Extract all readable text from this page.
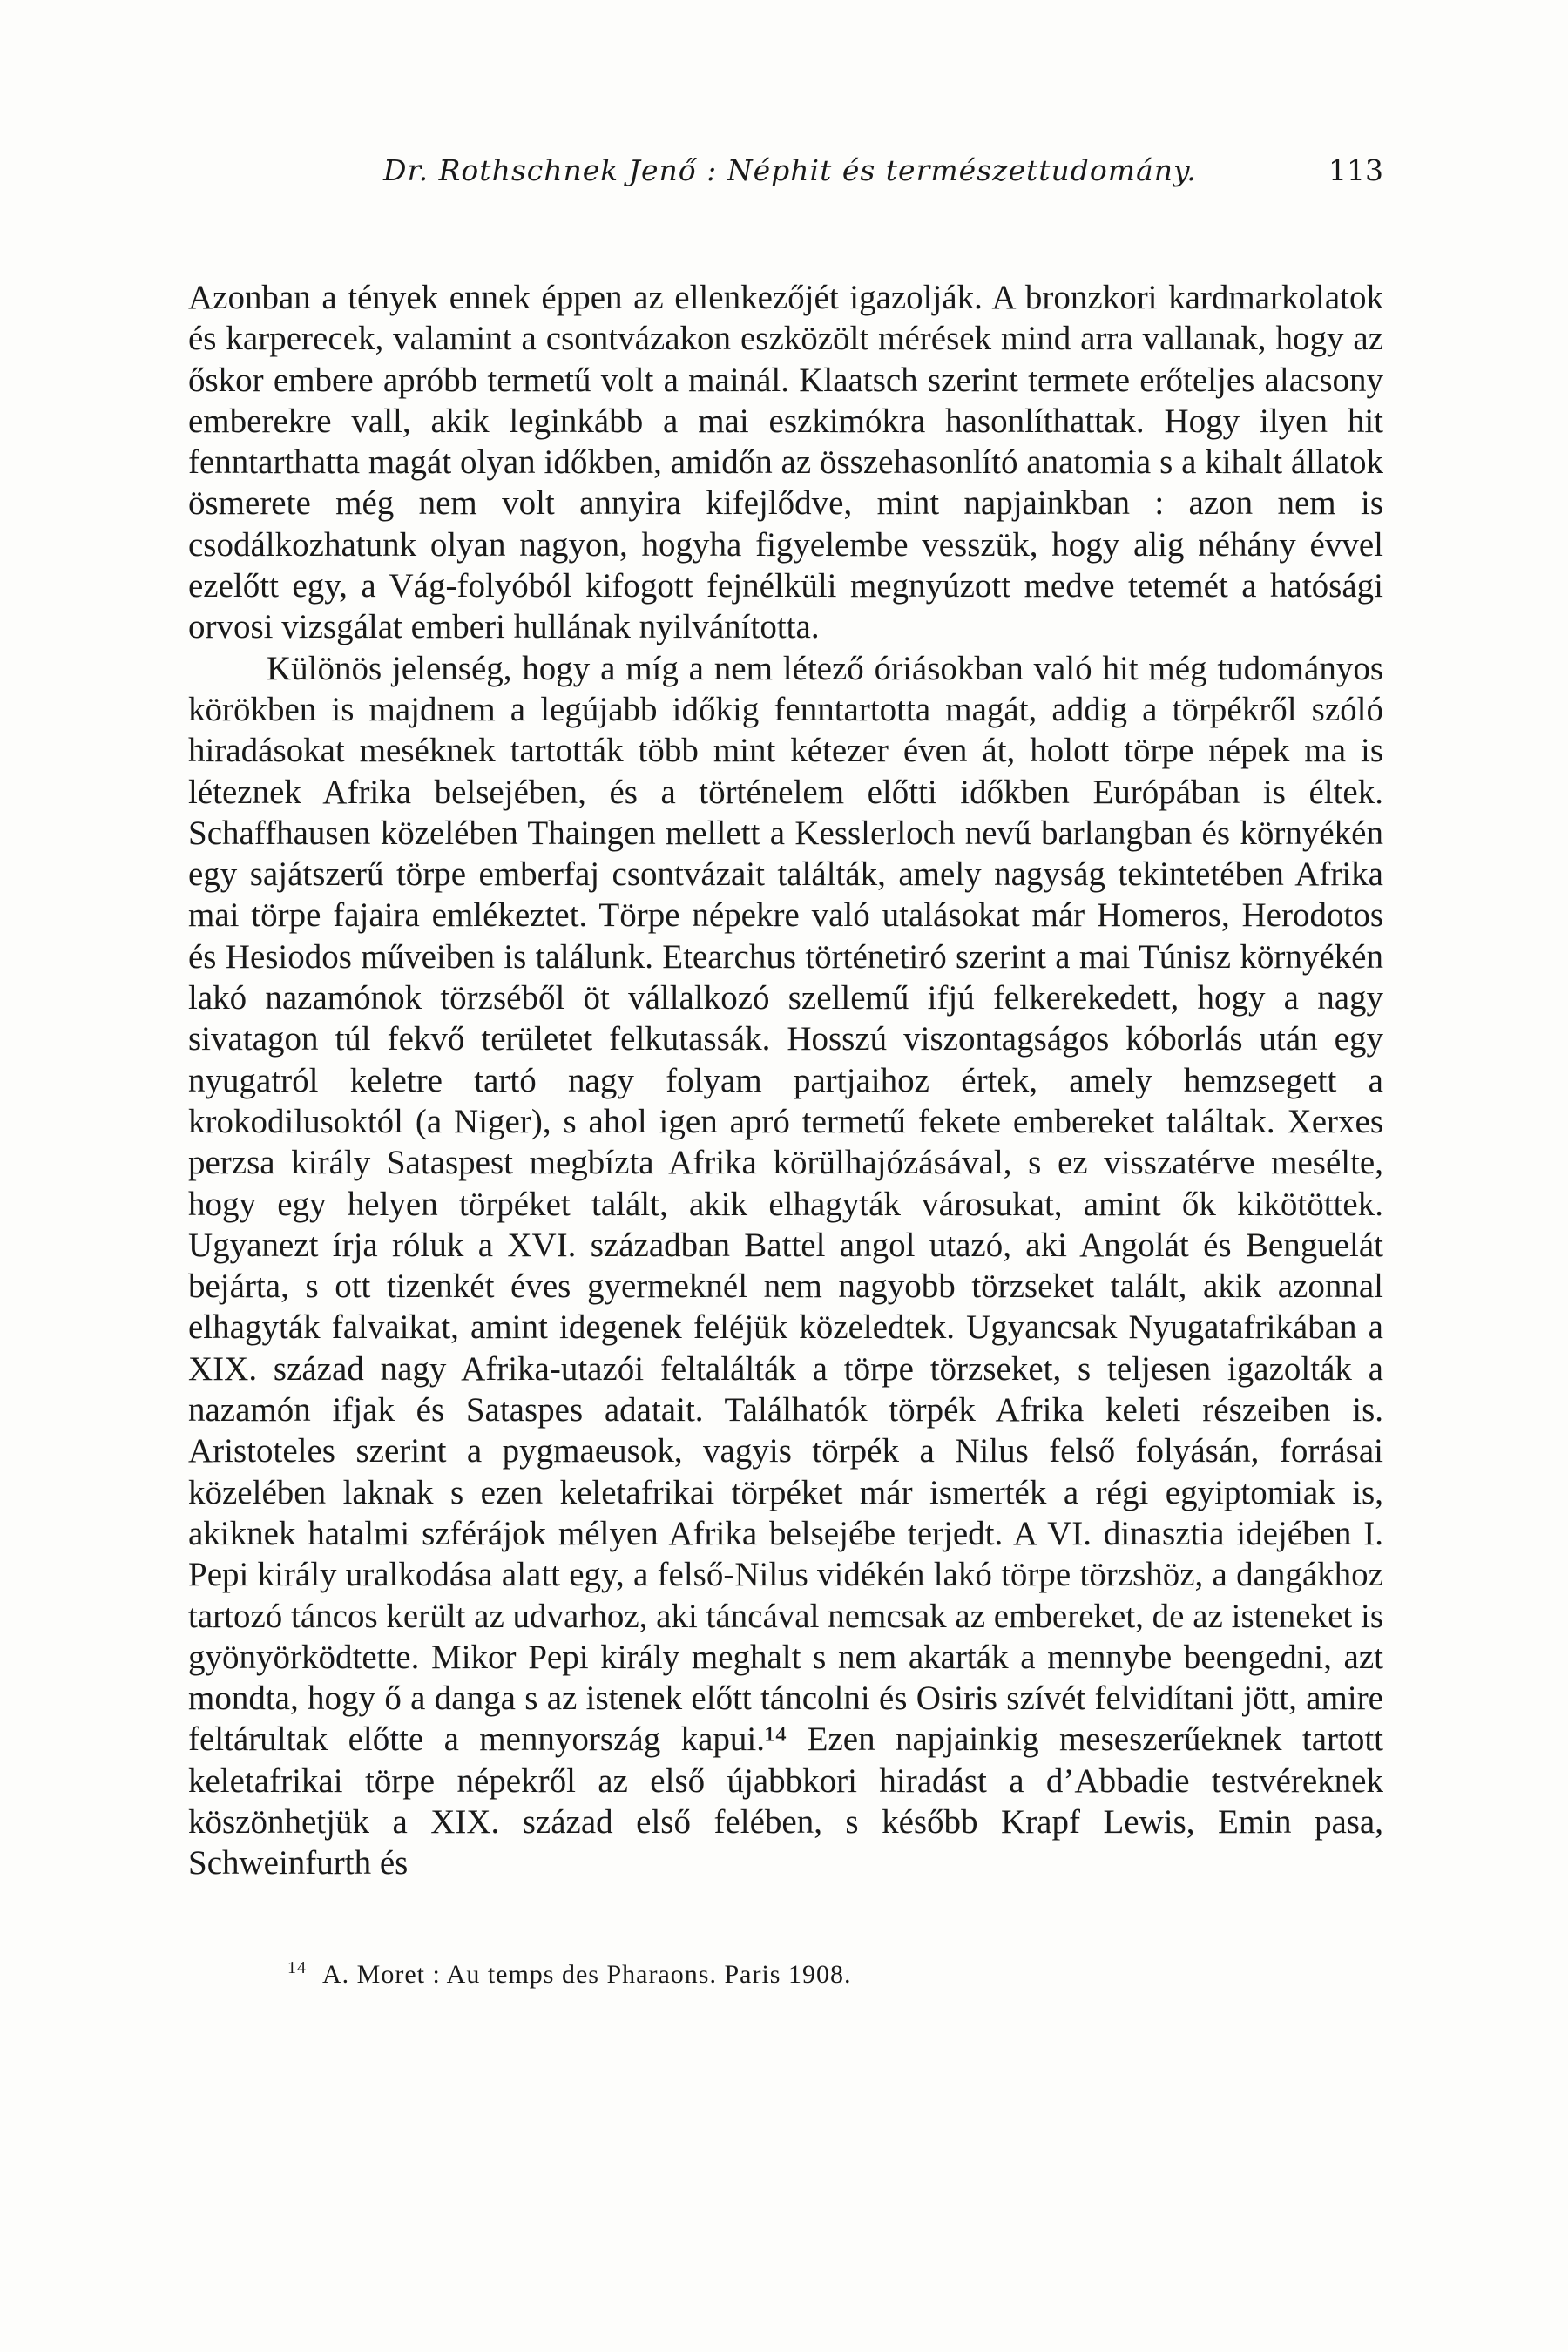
Dr. Rothschnek Jenő : Néphit és természettudomány.	113

Azonban a tények ennek éppen az ellenkezőjét igazolják. A bronzkori kardmarkolatok és karperecek, valamint a csontvázakon eszközölt mérések mind arra vallanak, hogy az őskor embere apróbb termetű volt a mainál. Klaatsch szerint termete erőteljes alacsony emberekre vall, akik leginkább a mai eszkimókra hasonlíthattak. Hogy ilyen hit fenntarthatta magát olyan időkben, amidőn az összehasonlító anatomia s a kihalt állatok ösmerete még nem volt annyira kifejlődve, mint napjainkban : azon nem is csodálkozhatunk olyan nagyon, hogyha figyelembe vesszük, hogy alig néhány évvel ezelőtt egy, a Vág-folyóból kifogott fejnélküli megnyúzott medve tetemét a hatósági orvosi vizsgálat emberi hullának nyilvánította.

Különös jelenség, hogy a míg a nem létező óriásokban való hit még tudományos körökben is majdnem a legújabb időkig fenntartotta magát, addig a törpékről szóló hiradásokat meséknek tartották több mint kétezer éven át, holott törpe népek ma is léteznek Afrika belsejében, és a történelem előtti időkben Európában is éltek. Schaffhausen közelében Thaingen mellett a Kesslerloch nevű barlangban és környékén egy sajátszerű törpe emberfaj csontvázait találták, amely nagyság tekintetében Afrika mai törpe fajaira emlékeztet. Törpe népekre való utalásokat már Homeros, Herodotos és Hesiodos műveiben is találunk. Etearchus történetiró szerint a mai Túnisz környékén lakó nazamónok törzséből öt vállalkozó szellemű ifjú felkerekedett, hogy a nagy sivatagon túl fekvő területet felkutassák. Hosszú viszontagságos kóborlás után egy nyugatról keletre tartó nagy folyam partjaihoz értek, amely hemzsegett a krokodilusoktól (a Niger), s ahol igen apró termetű fekete embereket találtak. Xerxes perzsa király Sataspest megbízta Afrika körülhajózásával, s ez visszatérve mesélte, hogy egy helyen törpéket talált, akik elhagyták városukat, amint ők kikötöttek. Ugyanezt írja róluk a XVI. században Battel angol utazó, aki Angolát és Benguelát bejárta, s ott tizenkét éves gyermeknél nem nagyobb törzseket talált, akik azonnal elhagyták falvaikat, amint idegenek feléjük közeledtek. Ugyancsak Nyugatafrikában a XIX. század nagy Afrika-utazói feltalálták a törpe törzseket, s teljesen igazolták a nazamón ifjak és Sataspes adatait. Találhatók törpék Afrika keleti részeiben is. Aristoteles szerint a pygmaeusok, vagyis törpék a Nilus felső folyásán, forrásai közelében laknak s ezen keletafrikai törpéket már ismerték a régi egyiptomiak is, akiknek hatalmi szférájok mélyen Afrika belsejébe terjedt. A VI. dinasztia idejében I. Pepi király uralkodása alatt egy, a felső-Nilus vidékén lakó törpe törzshöz, a dangákhoz tartozó táncos került az udvarhoz, aki táncával nemcsak az embereket, de az isteneket is gyönyörködtette. Mikor Pepi király meghalt s nem akarták a mennybe beengedni, azt mondta, hogy ő a danga s az istenek előtt táncolni és Osiris szívét felvidítani jött, amire feltárultak előtte a mennyország kapui.¹⁴ Ezen napjainkig meseszerűeknek tartott keletafrikai törpe népekről az első újabbkori hiradást a d’Abbadie testvéreknek köszönhetjük a XIX. század első felében, s később Krapf Lewis, Emin pasa, Schweinfurth és

$^{14}$ A. Moret : Au temps des Pharaons. Paris 1908.
